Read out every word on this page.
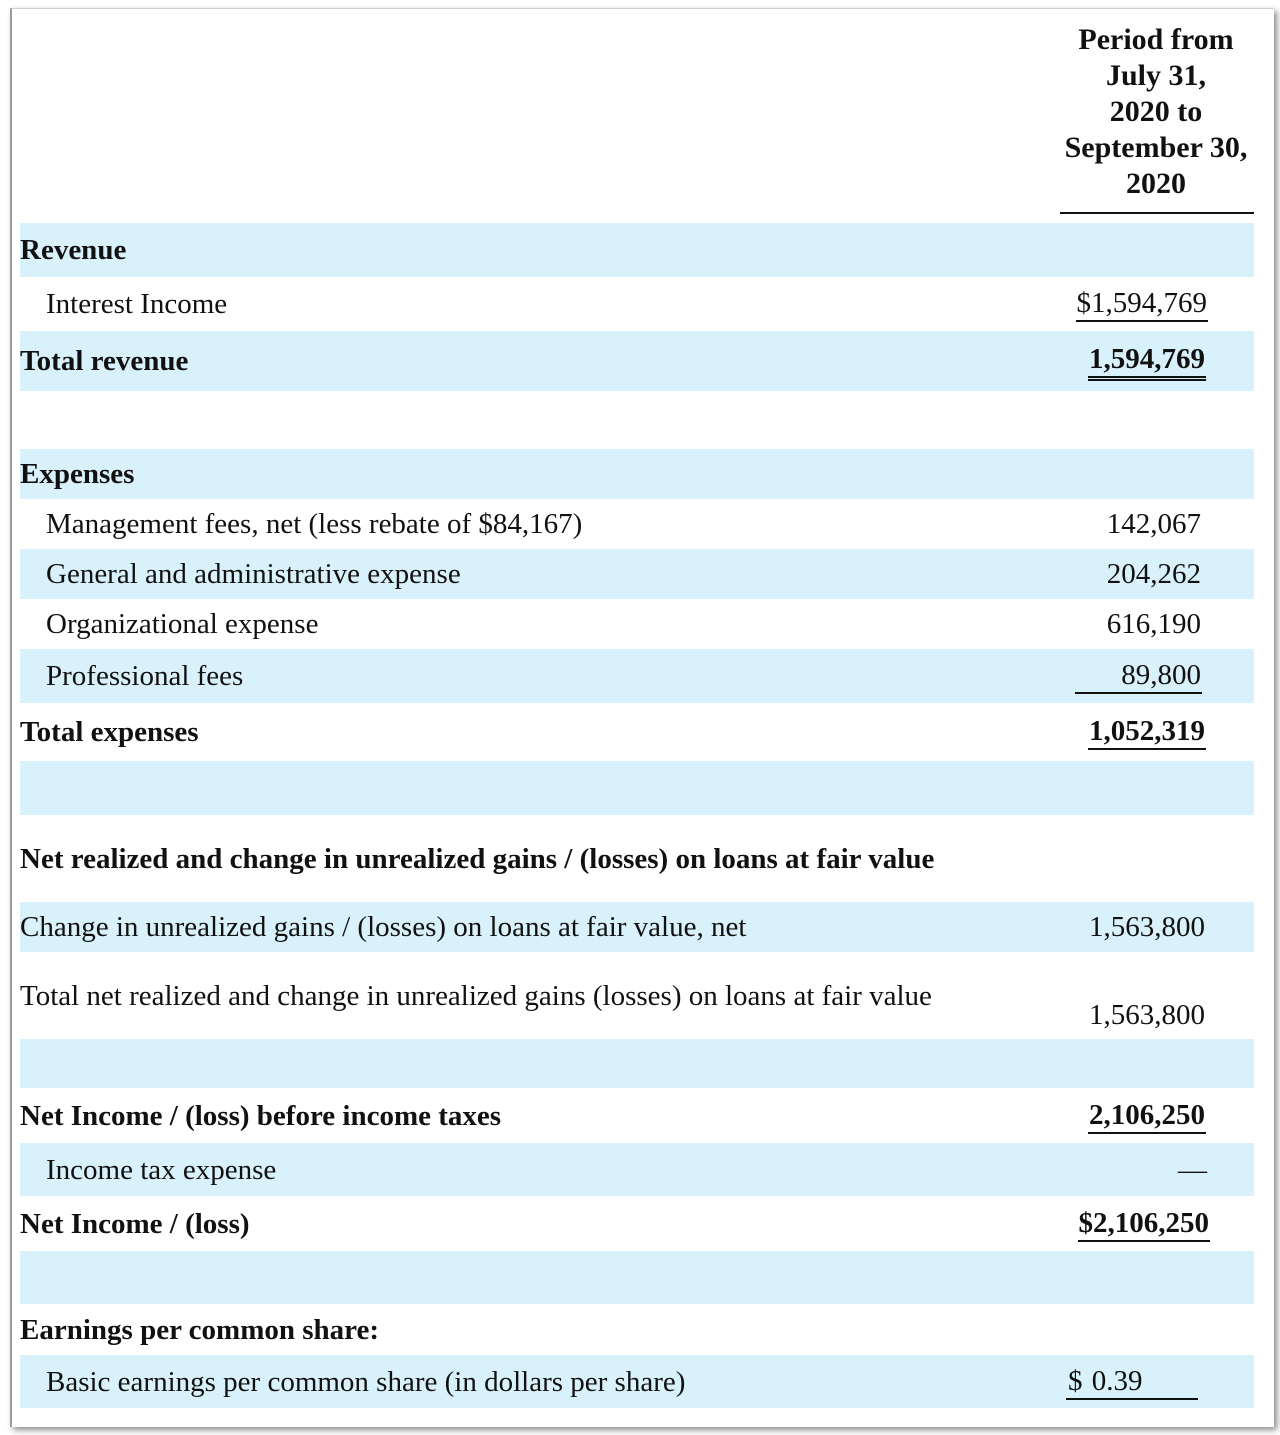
Period from
July 31,
2020 to
September 30,
2020
Revenue
Interest Income	$1,594,769
Total revenue	1,594,769
Expenses
Management fees, net (less rebate of $84,167)	142,067
General and administrative expense	204,262
Organizational expense	616,190
Professional fees	89,800
Total expenses	1,052,319
Net realized and change in unrealized gains / (losses) on loans at fair value
Change in unrealized gains / (losses) on loans at fair value, net	1,563,800
Total net realized and change in unrealized gains (losses) on loans at fair value
1,563,800
Net Income / (loss) before income taxes	2,106,250
Income tax expense	—
Net Income / (loss)	$2,106,250
Earnings per common share:
Basic earnings per common share (in dollars per share)	$ 0.39
